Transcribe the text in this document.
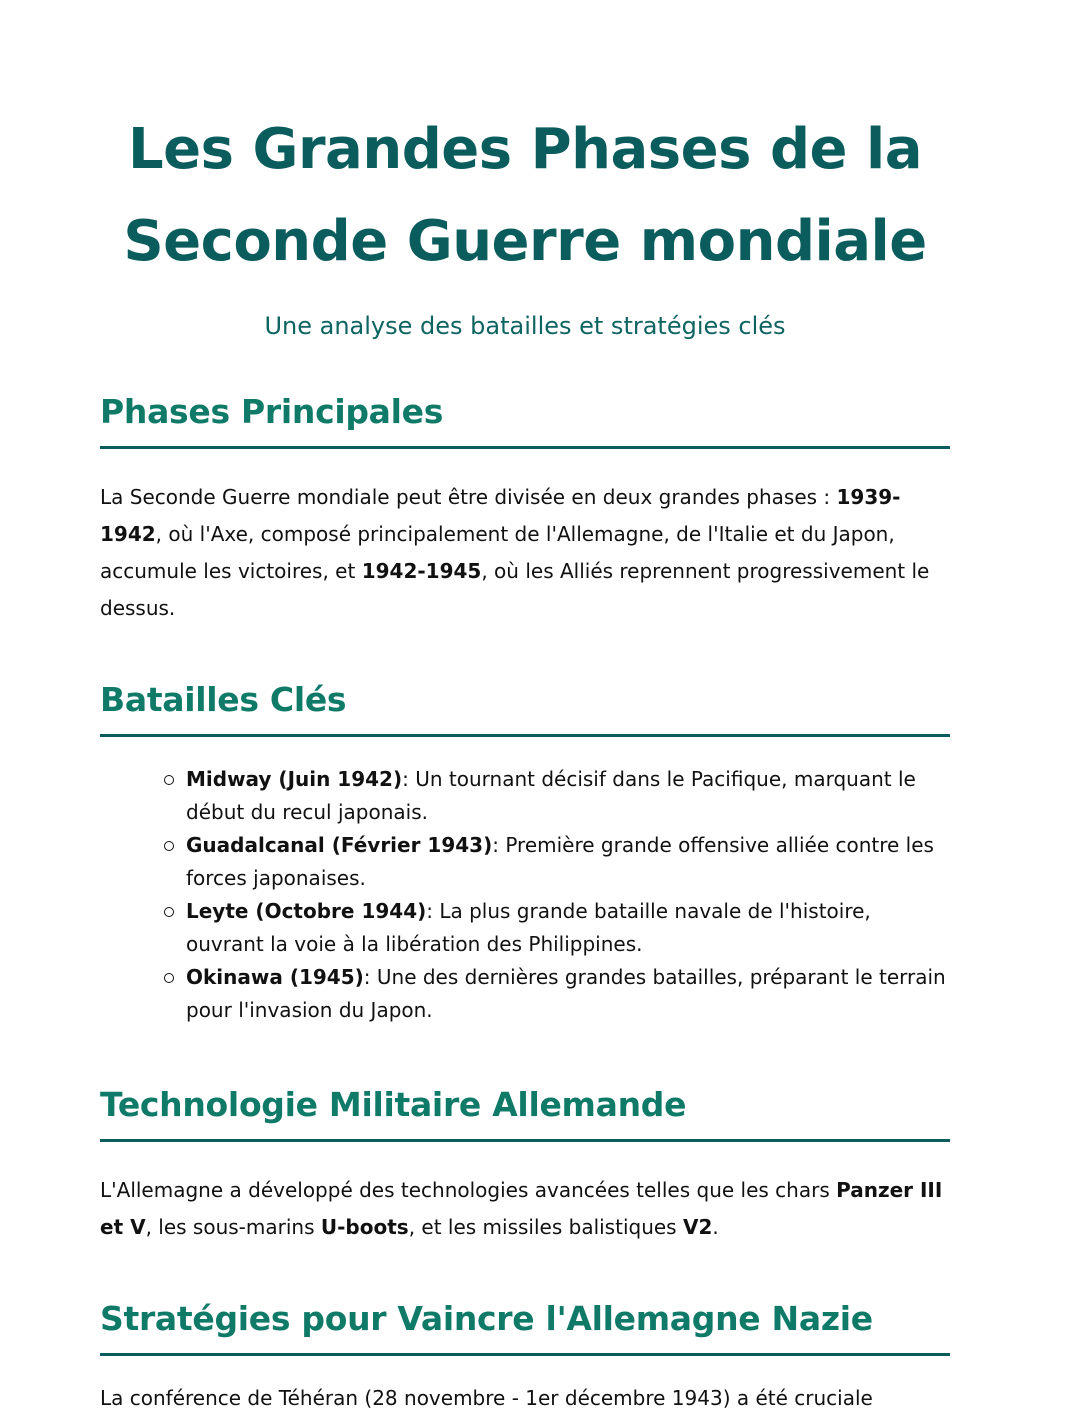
Les Grandes Phases de la
Seconde Guerre mondiale

Une analyse des batailles et stratégies clés

Phases Principales

La Seconde Guerre mondiale peut être divisée en deux grandes phases : 1939-1942, où l'Axe, composé principalement de l'Allemagne, de l'Italie et du Japon, accumule les victoires, et 1942-1945, où les Alliés reprennent progressivement le dessus.

Batailles Clés
Midway (Juin 1942): Un tournant décisif dans le Pacifique, marquant le début du recul japonais.
Guadalcanal (Février 1943): Première grande offensive alliée contre les forces japonaises.
Leyte (Octobre 1944): La plus grande bataille navale de l'histoire, ouvrant la voie à la libération des Philippines.
Okinawa (1945): Une des dernières grandes batailles, préparant le terrain pour l'invasion du Japon.
Technologie Militaire Allemande

L'Allemagne a développé des technologies avancées telles que les chars Panzer III et V, les sous-marins U-boots, et les missiles balistiques V2.

Stratégies pour Vaincre l'Allemagne Nazie

La conférence de Téhéran (28 novembre - 1er décembre 1943) a été cruciale
